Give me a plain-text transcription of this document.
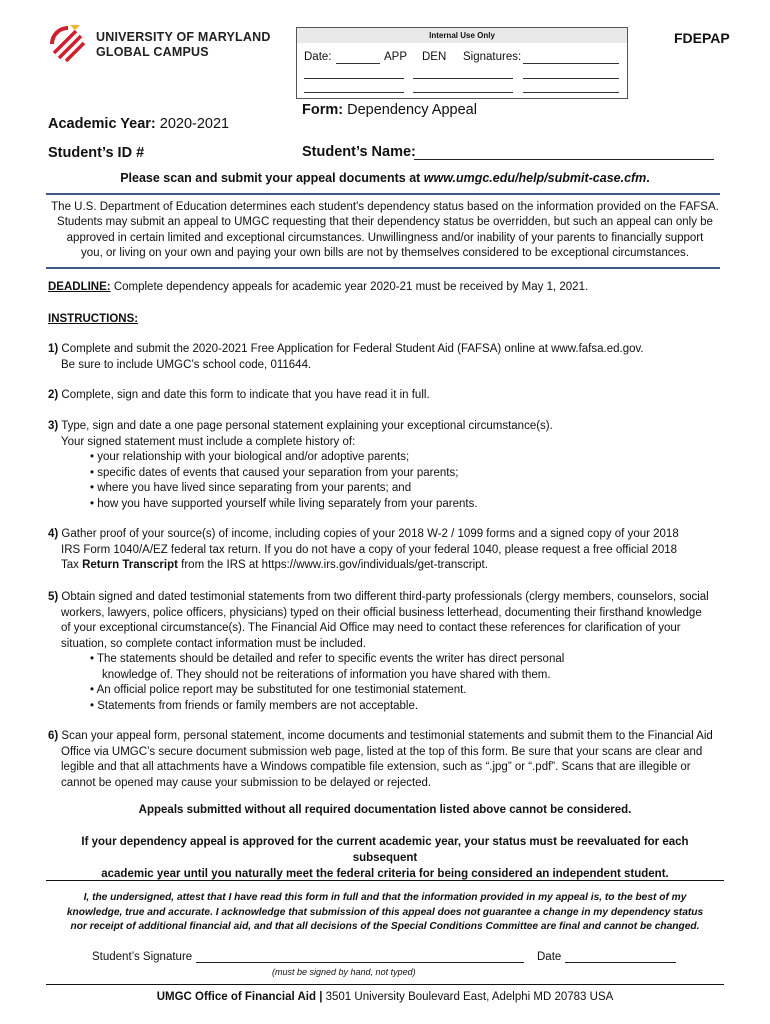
UNIVERSITY OF MARYLAND
GLOBAL CAMPUS
Internal Use Only
Date:	APP DEN Signatures:
FDEPAP
Academic Year: 2020-2021
Form: Dependency Appeal
Student’s ID #	Student’s Name:
Please scan and submit your appeal documents at www.umgc.edu/help/submit-case.cfm.
The U.S. Department of Education determines each student's dependency status based on the information provided on the FAFSA.
Students may submit an appeal to UMGC requesting that their dependency status be overridden, but such an appeal can only be
approved in certain limited and exceptional circumstances. Unwillingness and/or inability of your parents to financially support
you, or living on your own and paying your own bills are not by themselves considered to be exceptional circumstances.
DEADLINE: Complete dependency appeals for academic year 2020-21 must be received by May 1, 2021.
INSTRUCTIONS:
1) Complete and submit the 2020-2021 Free Application for Federal Student Aid (FAFSA) online at www.fafsa.ed.gov.
Be sure to include UMGC’s school code, 011644.
2) Complete, sign and date this form to indicate that you have read it in full.
3) Type, sign and date a one page personal statement explaining your exceptional circumstance(s).
Your signed statement must include a complete history of:
• your relationship with your biological and/or adoptive parents;
• specific dates of events that caused your separation from your parents;
• where you have lived since separating from your parents; and
• how you have supported yourself while living separately from your parents.
4) Gather proof of your source(s) of income, including copies of your 2018 W-2 / 1099 forms and a signed copy of your 2018
IRS Form 1040/A/EZ federal tax return. If you do not have a copy of your federal 1040, please request a free official 2018
Tax Return Transcript from the IRS at https://www.irs.gov/individuals/get-transcript.
5) Obtain signed and dated testimonial statements from two different third-party professionals (clergy members, counselors, social
workers, lawyers, police officers, physicians) typed on their official business letterhead, documenting their firsthand knowledge
of your exceptional circumstance(s). The Financial Aid Office may need to contact these references for clarification of your
situation, so complete contact information must be included.
• The statements should be detailed and refer to specific events the writer has direct personal
knowledge of. They should not be reiterations of information you have shared with them.
• An official police report may be substituted for one testimonial statement.
• Statements from friends or family members are not acceptable.
6) Scan your appeal form, personal statement, income documents and testimonial statements and submit them to the Financial Aid
Office via UMGC’s secure document submission web page, listed at the top of this form. Be sure that your scans are clear and
legible and that all attachments have a Windows compatible file extension, such as “.jpg” or “.pdf”. Scans that are illegible or
cannot be opened may cause your submission to be delayed or rejected.
Appeals submitted without all required documentation listed above cannot be considered.
If your dependency appeal is approved for the current academic year, your status must be reevaluated for each subsequent
academic year until you naturally meet the federal criteria for being considered an independent student.
I, the undersigned, attest that I have read this form in full and that the information provided in my appeal is, to the best of my
knowledge, true and accurate. I acknowledge that submission of this appeal does not guarantee a change in my dependency status
nor receipt of additional financial aid, and that all decisions of the Special Conditions Committee are final and cannot be changed.
Student’s Signature	Date
(must be signed by hand, not typed)
UMGC Office of Financial Aid | 3501 University Boulevard East, Adelphi MD 20783 USA
